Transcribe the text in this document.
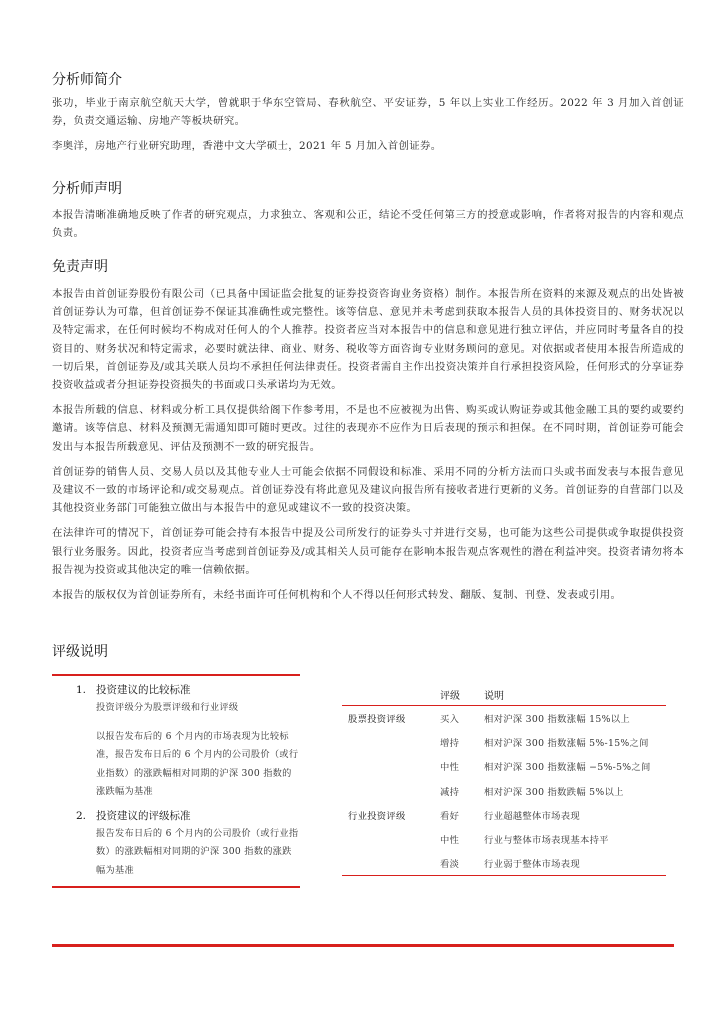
分析师简介

张功，毕业于南京航空航天大学，曾就职于华东空管局、春秋航空、平安证券，5 年以上实业工作经历。2022 年 3 月加入首创证券，负责交通运输、房地产等板块研究。

李奥洋，房地产行业研究助理，香港中文大学硕士，2021 年 5 月加入首创证券。

分析师声明

本报告清晰准确地反映了作者的研究观点，力求独立、客观和公正，结论不受任何第三方的授意或影响，作者将对报告的内容和观点负责。

免责声明

本报告由首创证券股份有限公司（已具备中国证监会批复的证券投资咨询业务资格）制作。本报告所在资料的来源及观点的出处皆被首创证券认为可靠，但首创证券不保证其准确性或完整性。该等信息、意见并未考虑到获取本报告人员的具体投资目的、财务状况以及特定需求，在任何时候均不构成对任何人的个人推荐。投资者应当对本报告中的信息和意见进行独立评估，并应同时考量各自的投资目的、财务状况和特定需求，必要时就法律、商业、财务、税收等方面咨询专业财务顾问的意见。对依据或者使用本报告所造成的一切后果，首创证券及/或其关联人员均不承担任何法律责任。投资者需自主作出投资决策并自行承担投资风险，任何形式的分享证券投资收益或者分担证券投资损失的书面或口头承诺均为无效。

本报告所载的信息、材料或分析工具仅提供给阁下作参考用，不是也不应被视为出售、购买或认购证券或其他金融工具的要约或要约邀请。该等信息、材料及预测无需通知即可随时更改。过往的表现亦不应作为日后表现的预示和担保。在不同时期，首创证券可能会发出与本报告所载意见、评估及预测不一致的研究报告。

首创证券的销售人员、交易人员以及其他专业人士可能会依据不同假设和标准、采用不同的分析方法而口头或书面发表与本报告意见及建议不一致的市场评论和/或交易观点。首创证券没有将此意见及建议向报告所有接收者进行更新的义务。首创证券的自营部门以及其他投资业务部门可能独立做出与本报告中的意见或建议不一致的投资决策。

在法律许可的情况下，首创证券可能会持有本报告中提及公司所发行的证券头寸并进行交易，也可能为这些公司提供或争取提供投资银行业务服务。因此，投资者应当考虑到首创证券及/或其相关人员可能存在影响本报告观点客观性的潜在利益冲突。投资者请勿将本报告视为投资或其他决定的唯一信赖依据。

本报告的版权仅为首创证券所有，未经书面许可任何机构和个人不得以任何形式转发、翻版、复制、刊登、发表或引用。

评级说明
1. 投资建议的比较标准
投资评级分为股票评级和行业评级
以报告发布后的 6 个月内的市场表现为比较标准，报告发布日后的 6 个月内的公司股价（或行业指数）的涨跌幅相对同期的沪深 300 指数的涨跌幅为基准
2. 投资建议的评级标准
报告发布日后的 6 个月内的公司股价（或行业指数）的涨跌幅相对同期的沪深 300 指数的涨跌幅为基准
	评级	说明
股票投资评级	买入	相对沪深 300 指数涨幅 15%以上
	增持	相对沪深 300 指数涨幅 5%-15%之间
	中性	相对沪深 300 指数涨幅 −5%-5%之间
	减持	相对沪深 300 指数跌幅 5%以上
行业投资评级	看好	行业超越整体市场表现
	中性	行业与整体市场表现基本持平
	看淡	行业弱于整体市场表现
